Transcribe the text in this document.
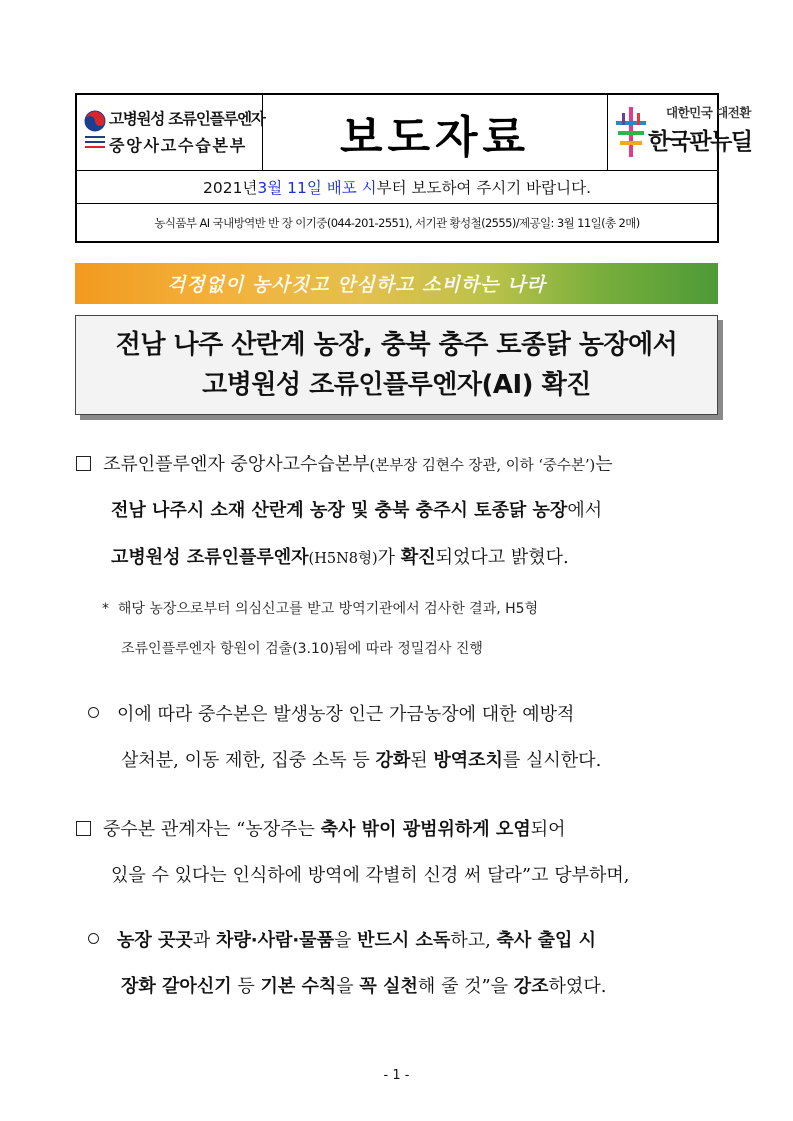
고병원성 조류인플루엔자
중앙사고수습본부 보도자료	대한민국 대전환
한국판뉴딜
2021년 3월 11일 배포 시 부터 보도하여 주시기 바랍니다.
농식품부 AI 국내방역반 반 장 이기중(044-201-2551), 서기관 황성철(2555)/제공일: 3월 11일(총 2매)
걱정없이 농사짓고 안심하고 소비하는 나라
전남 나주 산란계 농장, 충북 충주 토종닭 농장에서
고병원성 조류인플루엔자(AI) 확진
조류인플루엔자 중앙사고수습본부(본부장 김현수 장관, 이하 ‘중수본’)는
전남 나주시 소재 산란계 농장 및 충북 충주시 토종닭 농장에서
고병원성 조류인플루엔자(H5N8형)가 확진되었다고 밝혔다.
* 해당 농장으로부터 의심신고를 받고 방역기관에서 검사한 결과, H5형
조류인플루엔자 항원이 검출(3.10)됨에 따라 정밀검사 진행
이에 따라 중수본은 발생농장 인근 가금농장에 대한 예방적
살처분, 이동 제한, 집중 소독 등 강화된 방역조치를 실시한다.
중수본 관계자는 “농장주는 축사 밖이 광범위하게 오염되어
있을 수 있다는 인식하에 방역에 각별히 신경 써 달라”고 당부하며,
농장 곳곳과 차량·사람·물품을 반드시 소독하고, 축사 출입 시
장화 갈아신기 등 기본 수칙을 꼭 실천해 줄 것”을 강조하였다.
- 1 -
